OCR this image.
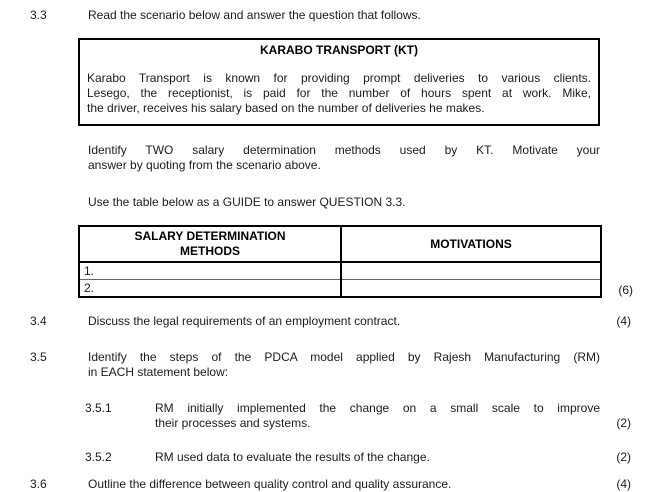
3.3	Read the scenario below and answer the question that follows.
KARABO TRANSPORT (KT)
Karabo Transport is known for providing prompt deliveries to various clients.
Lesego, the receptionist, is paid for the number of hours spent at work. Mike,
the driver, receives his salary based on the number of deliveries he makes.
Identify TWO salary determination methods used by KT. Motivate your
answer by quoting from the scenario above.
Use the table below as a GUIDE to answer QUESTION 3.3.
SALARY DETERMINATION
METHODS	MOTIVATIONS

1.	
2.		(6)
3.4	Discuss the legal requirements of an employment contract.	(4)
3.5	Identify the steps of the PDCA model applied by Rajesh Manufacturing (RM)
in EACH statement below:
3.5.1	RM initially implemented the change on a small scale to improve
their processes and systems.	(2)
3.5.2	RM used data to evaluate the results of the change.	(2)
3.6	Outline the difference between quality control and quality assurance.	(4)
